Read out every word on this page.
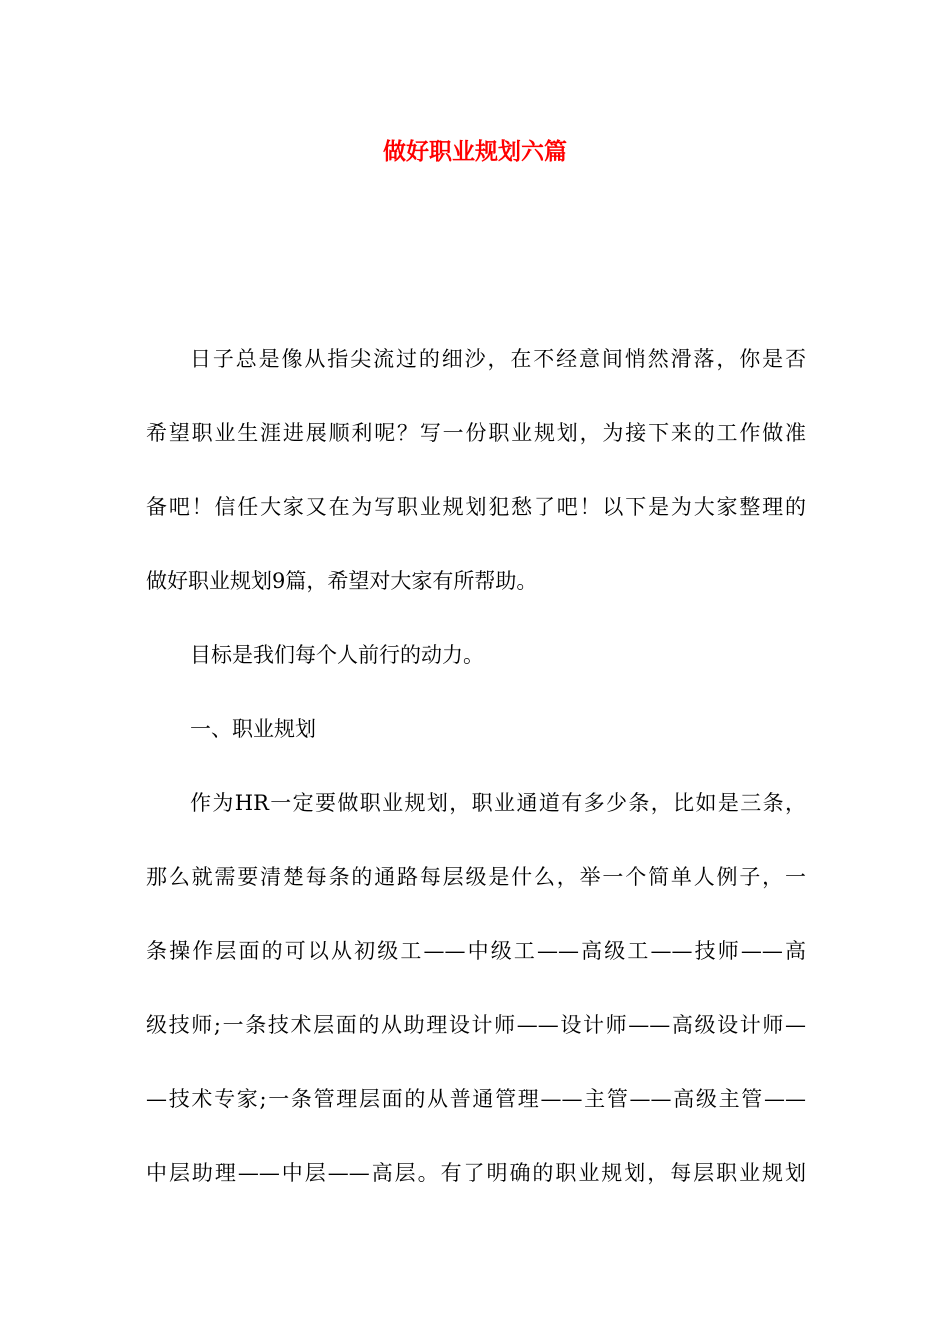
做好职业规划六篇

日子总是像从指尖流过的细沙，在不经意间悄然滑落，你是否
希望职业生涯进展顺利呢？写一份职业规划，为接下来的工作做准
备吧！信任大家又在为写职业规划犯愁了吧！以下是为大家整理的
做好职业规划9篇，希望对大家有所帮助。

目标是我们每个人前行的动力。

一、职业规划

作为HR一定要做职业规划，职业通道有多少条，比如是三条，
那么就需要清楚每条的通路每层级是什么，举一个简单人例子，一
条操作层面的可以从初级工——中级工——高级工——技师——高
级技师;一条技术层面的从助理设计师——设计师——高级设计师—
—技术专家;一条管理层面的从普通管理——主管——高级主管——
中层助理——中层——高层。有了明确的职业规划，每层职业规划
